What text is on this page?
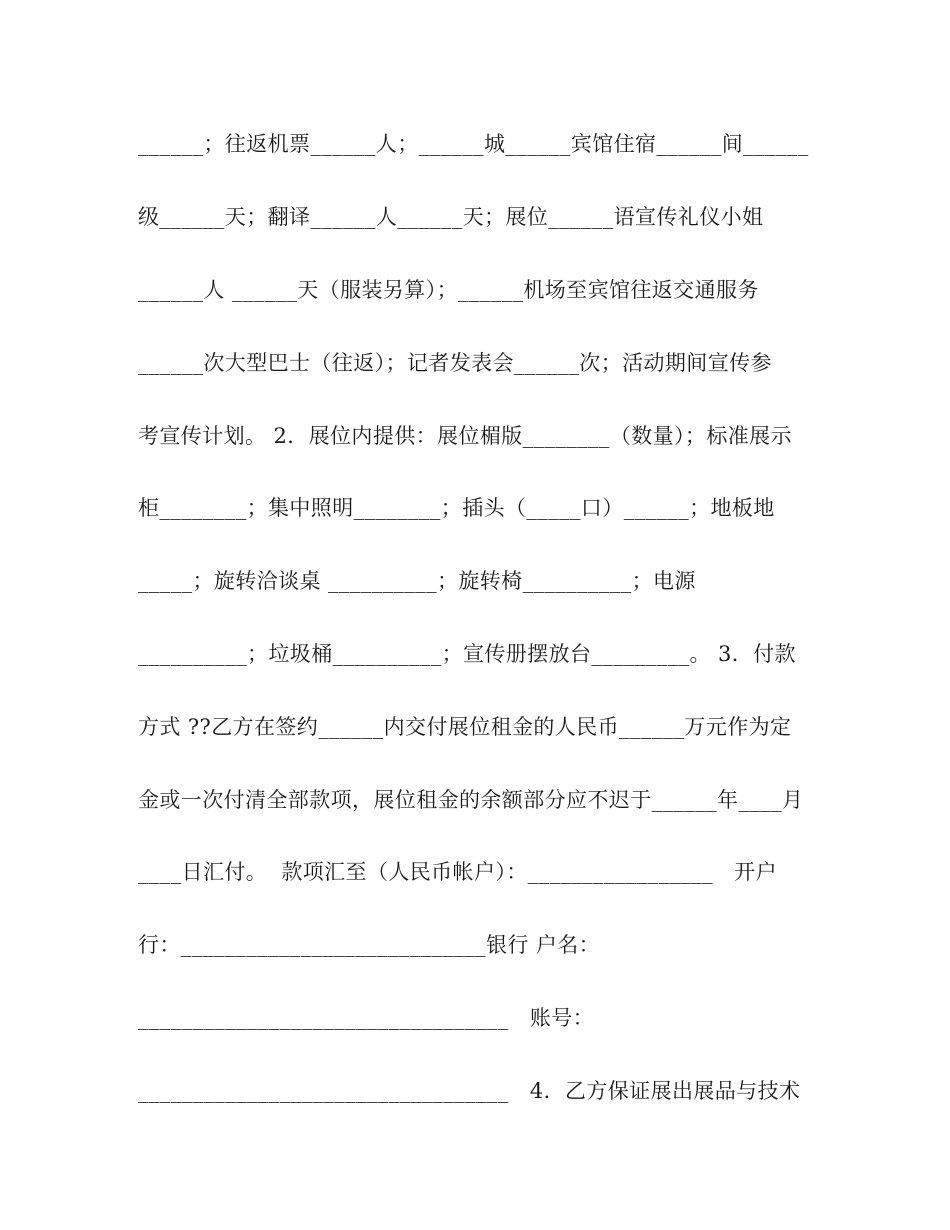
______；往返机票______人；______城______宾馆住宿______间______
级______天；翻译______人______天；展位______语宣传礼仪小姐
______人 ______天（服装另算）；______机场至宾馆往返交通服务
______次大型巴士（往返）；记者发表会______次；活动期间宣传参
考宣传计划。 2．展位内提供：展位楣版________（数量）；标准展示
柜________；集中照明________；插头（_____口）______；地板地
_____；旋转洽谈桌 __________；旋转椅__________；电源
__________；垃圾桶__________；宣传册摆放台_________。 3．付款
方式 ??乙方在签约______内交付展位租金的人民币______万元作为定
金或一次付清全部款项，展位租金的余额部分应不迟于______年____月
____日汇付。  款项汇至（人民币帐户）：_________________   开户
行：____________________________银行 户名：
__________________________________   账号：
__________________________________   4．乙方保证展出展品与技术
